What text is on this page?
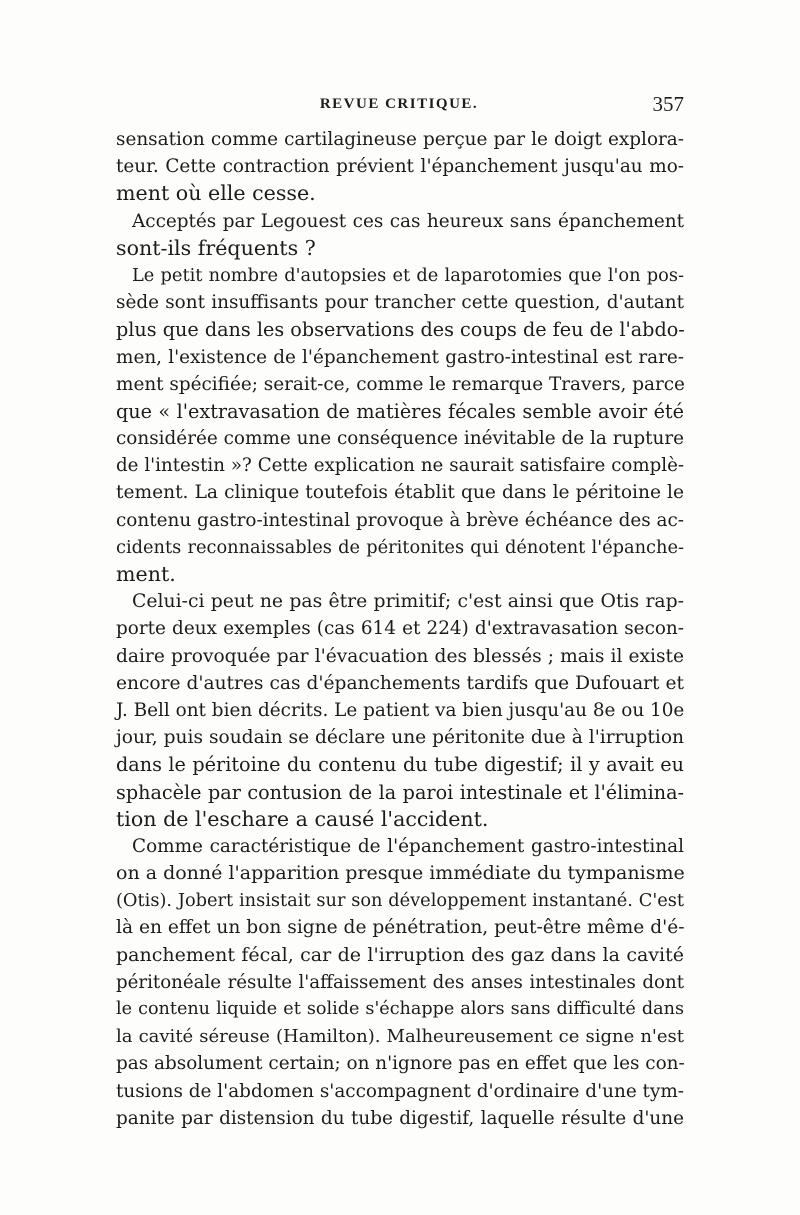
REVUE CRITIQUE.	357
sensation comme cartilagineuse perçue par le doigt explora-
teur. Cette contraction prévient l'épanchement jusqu'au mo-
ment où elle cesse.
Acceptés par Legouest ces cas heureux sans épanchement
sont-ils fréquents ?
Le petit nombre d'autopsies et de laparotomies que l'on pos-
sède sont insuffisants pour trancher cette question, d'autant
plus que dans les observations des coups de feu de l'abdo-
men, l'existence de l'épanchement gastro-intestinal est rare-
ment spécifiée; serait-ce, comme le remarque Travers, parce
que « l'extravasation de matières fécales semble avoir été
considérée comme une conséquence inévitable de la rupture
de l'intestin »? Cette explication ne saurait satisfaire complè-
tement. La clinique toutefois établit que dans le péritoine le
contenu gastro-intestinal provoque à brève échéance des ac-
cidents reconnaissables de péritonites qui dénotent l'épanche-
ment.
Celui-ci peut ne pas être primitif; c'est ainsi que Otis rap-
porte deux exemples (cas 614 et 224) d'extravasation secon-
daire provoquée par l'évacuation des blessés ; mais il existe
encore d'autres cas d'épanchements tardifs que Dufouart et
J. Bell ont bien décrits. Le patient va bien jusqu'au 8e ou 10e
jour, puis soudain se déclare une péritonite due à l'irruption
dans le péritoine du contenu du tube digestif; il y avait eu
sphacèle par contusion de la paroi intestinale et l'élimina-
tion de l'eschare a causé l'accident.
Comme caractéristique de l'épanchement gastro-intestinal
on a donné l'apparition presque immédiate du tympanisme
(Otis). Jobert insistait sur son développement instantané. C'est
là en effet un bon signe de pénétration, peut-être même d'é-
panchement fécal, car de l'irruption des gaz dans la cavité
péritonéale résulte l'affaissement des anses intestinales dont
le contenu liquide et solide s'échappe alors sans difficulté dans
la cavité séreuse (Hamilton). Malheureusement ce signe n'est
pas absolument certain; on n'ignore pas en effet que les con-
tusions de l'abdomen s'accompagnent d'ordinaire d'une tym-
panite par distension du tube digestif, laquelle résulte d'une
